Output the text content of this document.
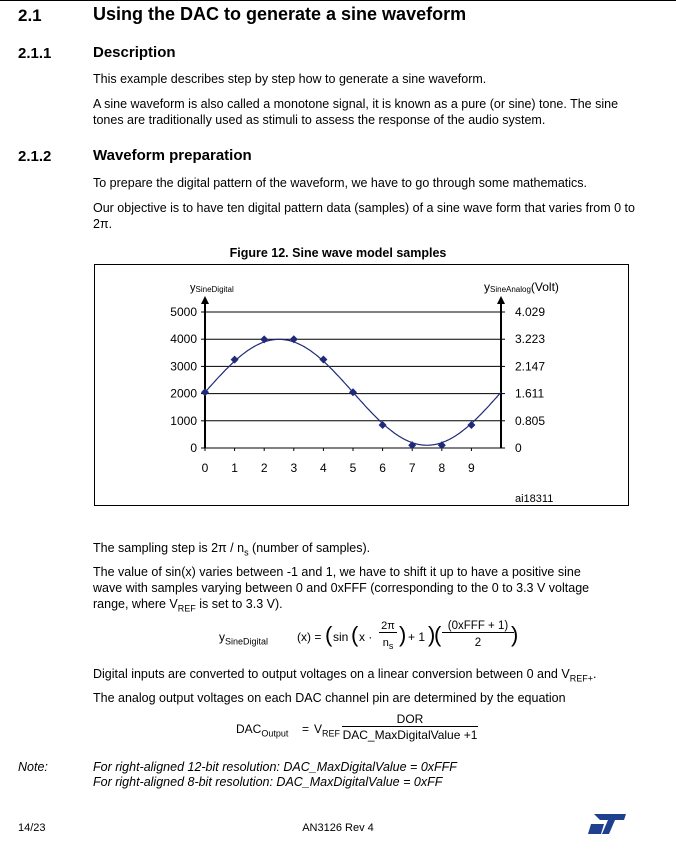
2.1	Using the DAC to generate a sine waveform
2.1.1	Description
This example describes step by step how to generate a sine waveform.
A sine waveform is also called a monotone signal, it is known as a pure (or sine) tone. The sine tones are traditionally used as stimuli to assess the response of the audio system.
2.1.2	Waveform preparation
To prepare the digital pattern of the waveform, we have to go through some mathematics.
Our objective is to have ten digital pattern data (samples) of a sine wave form that varies from 0 to 2π.
Figure 12. Sine wave model samples
5000	4.029
4000	3.223
3000	2.147
2000	1.611
1000	0.805
0	0
ySineDigital	ySineAnalog(Volt)
0 1 2 3 4 5 6 7 8 9
ai18311
The sampling step is $2\pi / n_s$ (number of samples).
The value of sin(x) varies between -1 and 1, we have to shift it up to have a positive sine
wave with samples varying between 0 and 0xFFF (corresponding to the 0 to 3.3 V voltage
range, where $V_{REF}$ is set to 3.3 V).
$y_{SineDigital}$ (x) = ( sin ( x ·
2π
$n_s$ ) + 1 )
( (0xFFF + 1)
2	)
Digital inputs are converted to output voltages on a linear conversion between 0 and $V_{REF+}$.
The analog output voltages on each DAC channel pin are determined by the equation
$DAC_{Output} = V_{REF}$
DOR
DAC_MaxDigitalValue +1
Note:	For right-aligned 12-bit resolution: DAC_MaxDigitalValue = 0xFFF
For right-aligned 8-bit resolution: DAC_MaxDigitalValue = 0xFF
14/23	AN3126 Rev 4
